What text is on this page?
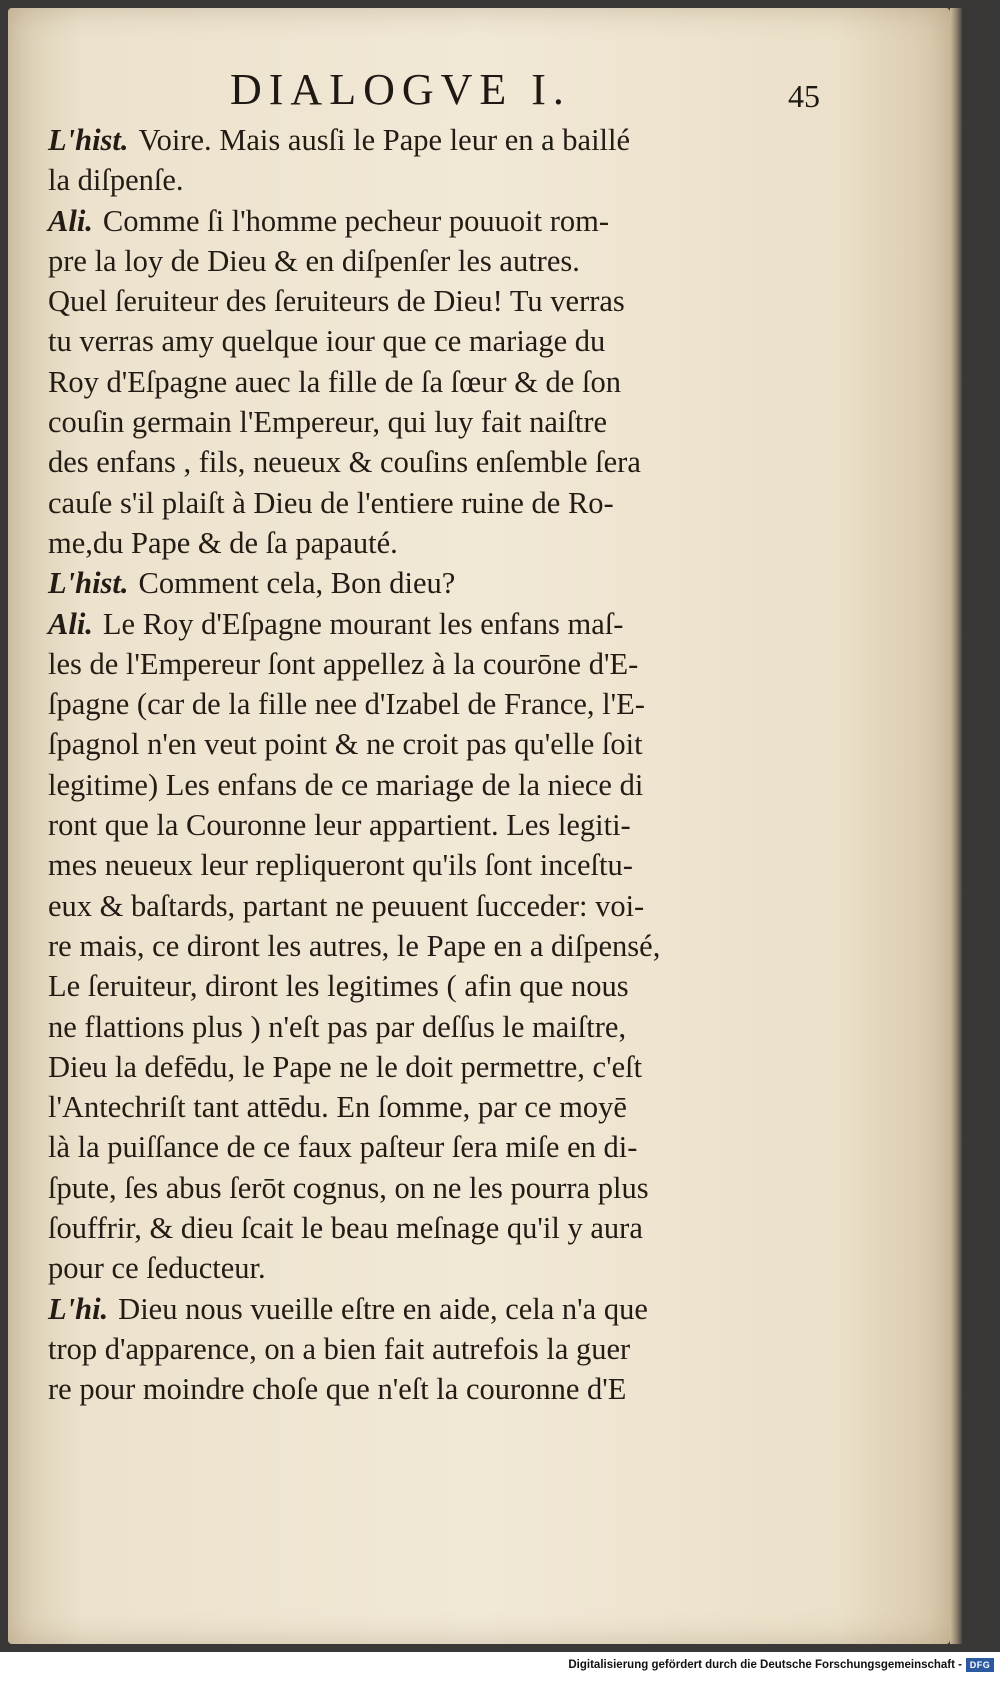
DIALOGVE I.	45
L'hist. Voire. Mais ausſi le Pape leur en a baillé
la diſpenſe.
Ali. Comme ſi l'homme pecheur pouuoit rom-
pre la loy de Dieu & en diſpenſer les autres.
Quel ſeruiteur des ſeruiteurs de Dieu! Tu verras
tu verras amy quelque iour que ce mariage du
Roy d'Eſpagne auec la fille de ſa ſœur & de ſon
couſin germain l'Empereur, qui luy fait naiſtre
des enfans , fils, neueux & couſins enſemble ſera
cauſe s'il plaiſt à Dieu de l'entiere ruine de Ro-
me,du Pape & de ſa papauté.
L'hist. Comment cela, Bon dieu?
Ali. Le Roy d'Eſpagne mourant les enfans maſ-
les de l'Empereur ſont appellez à la courōne d'E-
ſpagne (car de la fille nee d'Izabel de France, l'E-
ſpagnol n'en veut point & ne croit pas qu'elle ſoit
legitime) Les enfans de ce mariage de la niece di
ront que la Couronne leur appartient. Les legiti-
mes neueux leur repliqueront qu'ils ſont inceſtu-
eux & baſtards, partant ne peuuent ſucceder: voi-
re mais, ce diront les autres, le Pape en a diſpensé,
Le ſeruiteur, diront les legitimes ( afin que nous
ne flattions plus ) n'eſt pas par deſſus le maiſtre,
Dieu la defēdu, le Pape ne le doit permettre, c'eſt
l'Antechriſt tant attēdu. En ſomme, par ce moyē
là la puiſſance de ce faux paſteur ſera miſe en di-
ſpute, ſes abus ſerōt cognus, on ne les pourra plus
ſouffrir, & dieu ſcait le beau meſnage qu'il y aura
pour ce ſeducteur.
L'hi. Dieu nous vueille eſtre en aide, cela n'a que
trop d'apparence, on a bien fait autrefois la guer
re pour moindre choſe que n'eſt la couronne d'E
Digitalisierung gefördert durch die Deutsche Forschungsgemeinschaft - DFG
